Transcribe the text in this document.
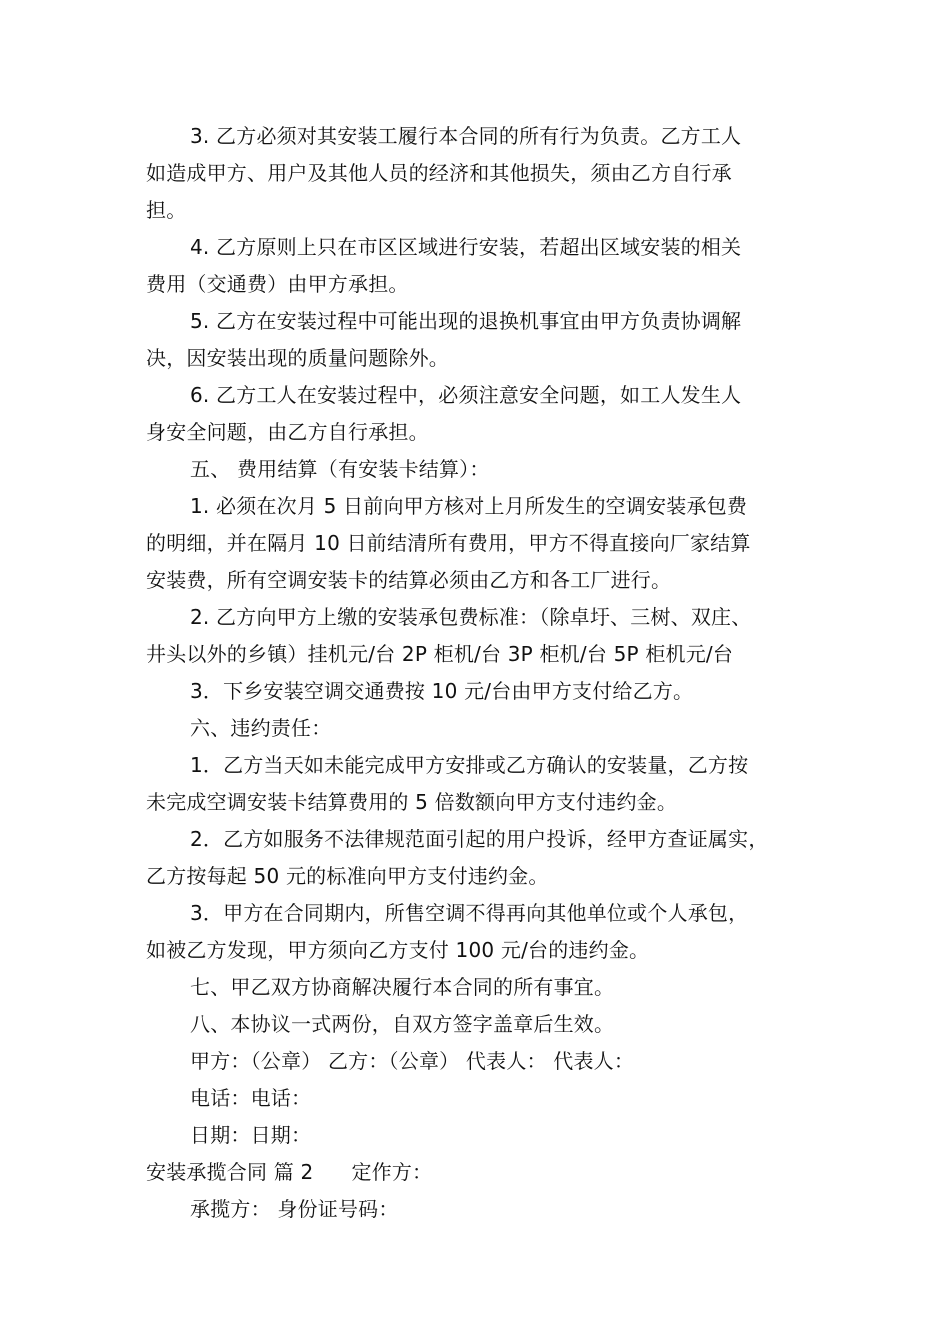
3. 乙方必须对其安装工履行本合同的所有行为负责。乙方工人
如造成甲方、用户及其他人员的经济和其他损失，须由乙方自行承
担。

4. 乙方原则上只在市区区域进行安装，若超出区域安装的相关
费用（交通费）由甲方承担。

5. 乙方在安装过程中可能出现的退换机事宜由甲方负责协调解
决，因安装出现的质量问题除外。

6. 乙方工人在安装过程中，必须注意安全问题，如工人发生人
身安全问题，由乙方自行承担。

五、 费用结算（有安装卡结算）：

1. 必须在次月 5 日前向甲方核对上月所发生的空调安装承包费
的明细，并在隔月 10 日前结清所有费用，甲方不得直接向厂家结算
安装费，所有空调安装卡的结算必须由乙方和各工厂进行。

2. 乙方向甲方上缴的安装承包费标准：（除卓圩、三树、双庄、
井头以外的乡镇）挂机元/台 2P 柜机/台 3P 柜机/台 5P 柜机元/台

3．下乡安装空调交通费按 10 元/台由甲方支付给乙方。

六、违约责任：

1．乙方当天如未能完成甲方安排或乙方确认的安装量，乙方按
未完成空调安装卡结算费用的 5 倍数额向甲方支付违约金。

2．乙方如服务不法律规范面引起的用户投诉，经甲方查证属实，
乙方按每起 50 元的标准向甲方支付违约金。

3．甲方在合同期内，所售空调不得再向其他单位或个人承包，
如被乙方发现，甲方须向乙方支付 100 元/台的违约金。

七、甲乙双方协商解决履行本合同的所有事宜。

八、本协议一式两份，自双方签字盖章后生效。

甲方：（公章） 乙方：（公章） 代表人： 代表人：

电话：电话：

日期：日期：

安装承揽合同 篇 2 定作方：

承揽方： 身份证号码：
